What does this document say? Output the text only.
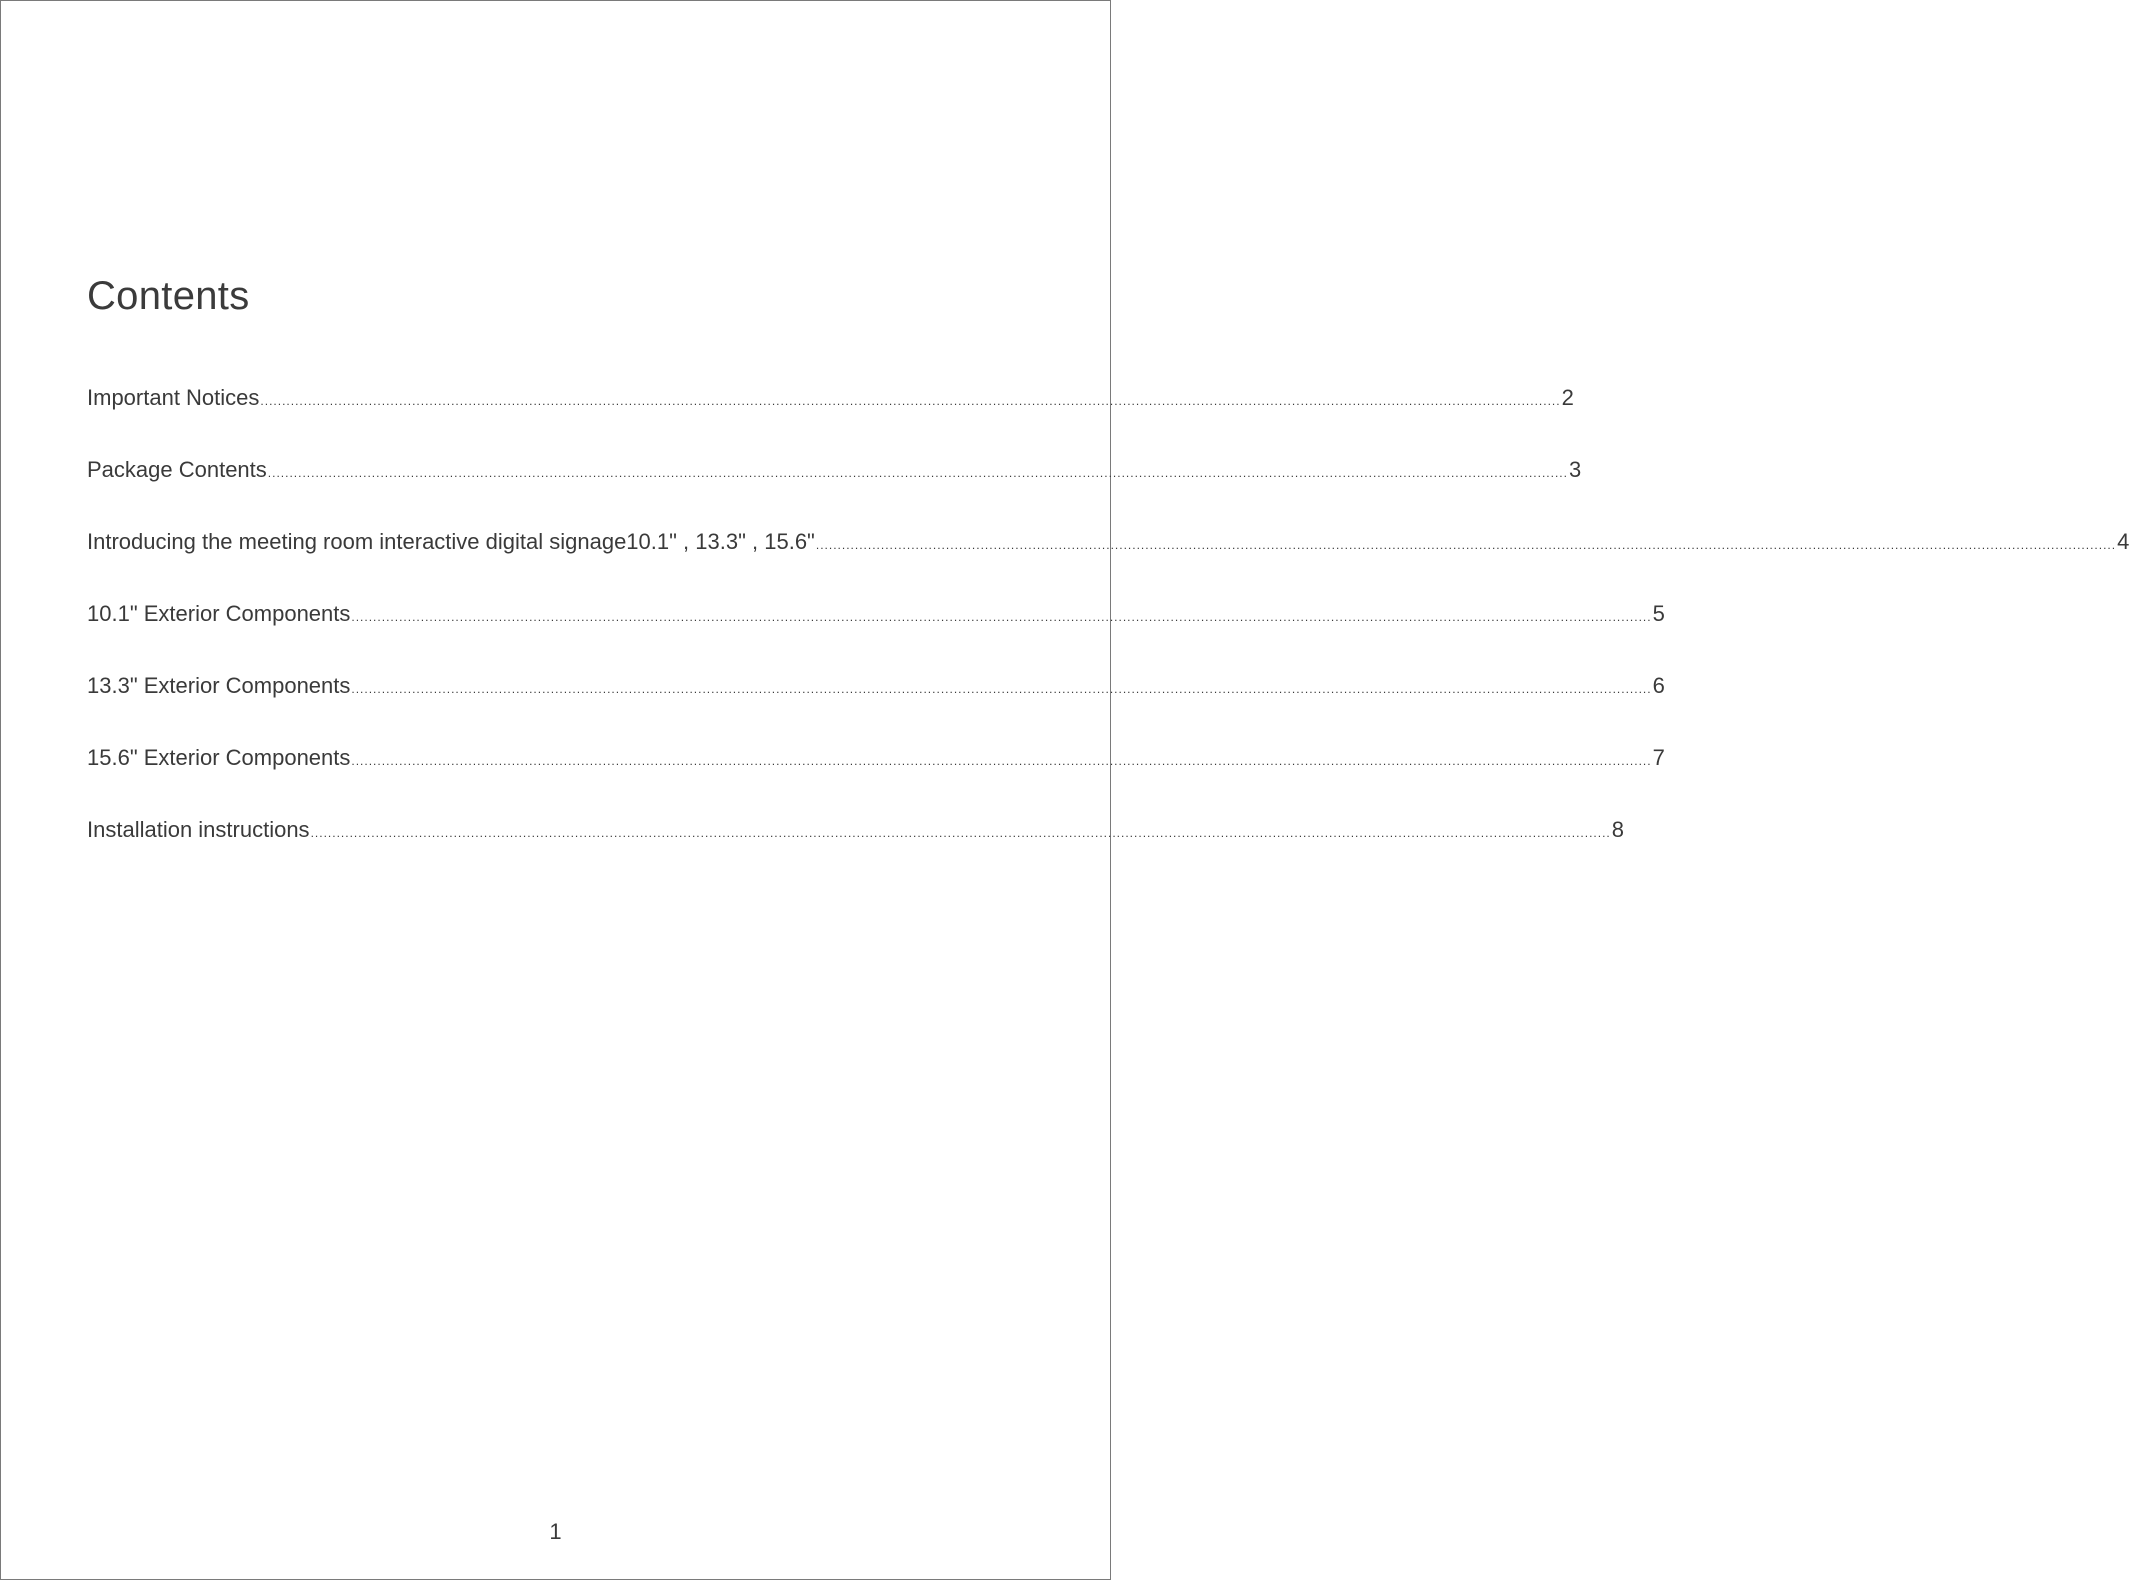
Contents
Important Notices ............................................................................................................................................................................................................................................................................................................ 2
Package Contents ............................................................................................................................................................................................................................................................................................................ 3
Introducing the meeting room interactive digital signage10.1" , 13.3" , 15.6" ............................................................................................................................................................................................................................................................................................................ 4
10.1" Exterior Components ............................................................................................................................................................................................................................................................................................................ 5
13.3" Exterior Components ............................................................................................................................................................................................................................................................................................................ 6
15.6" Exterior Components ............................................................................................................................................................................................................................................................................................................ 7
Installation instructions ............................................................................................................................................................................................................................................................................................................ 8
1
